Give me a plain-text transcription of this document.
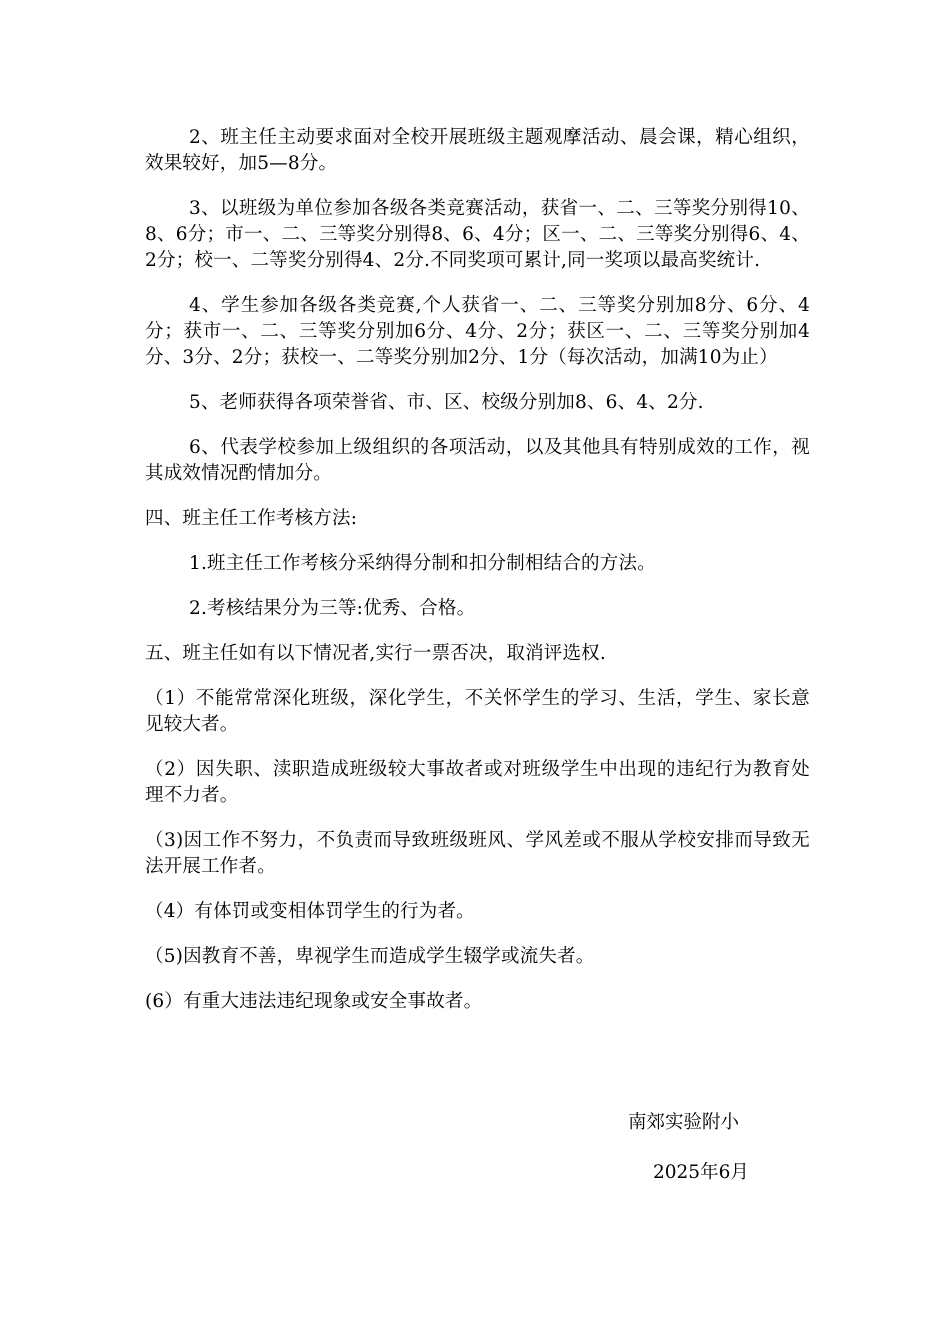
2、班主任主动要求面对全校开展班级主题观摩活动、晨会课，精心组织，效果较好，加5—8分。

3、以班级为单位参加各级各类竞赛活动，获省一、二、三等奖分别得10、8、6分；市一、二、三等奖分别得8、6、4分；区一、二、三等奖分别得6、4、2分；校一、二等奖分别得4、2分.不同奖项可累计,同一奖项以最高奖统计.

4、学生参加各级各类竞赛,个人获省一、二、三等奖分别加8分、6分、4分；获市一、二、三等奖分别加6分、4分、2分；获区一、二、三等奖分别加4分、3分、2分；获校一、二等奖分别加2分、1分（每次活动，加满10为止）

5、老师获得各项荣誉省、市、区、校级分别加8、6、4、2分.

6、代表学校参加上级组织的各项活动，以及其他具有特别成效的工作，视其成效情况酌情加分。

四、班主任工作考核方法:

1.班主任工作考核分采纳得分制和扣分制相结合的方法。

2.考核结果分为三等:优秀、合格。

五、班主任如有以下情况者,实行一票否决，取消评选权.

（1）不能常常深化班级，深化学生，不关怀学生的学习、生活，学生、家长意见较大者。

（2）因失职、渎职造成班级较大事故者或对班级学生中出现的违纪行为教育处理不力者。

（3)因工作不努力，不负责而导致班级班风、学风差或不服从学校安排而导致无法开展工作者。

（4）有体罚或变相体罚学生的行为者。

（5)因教育不善，卑视学生而造成学生辍学或流失者。

(6）有重大违法违纪现象或安全事故者。

南郊实验附小
2025年6月
